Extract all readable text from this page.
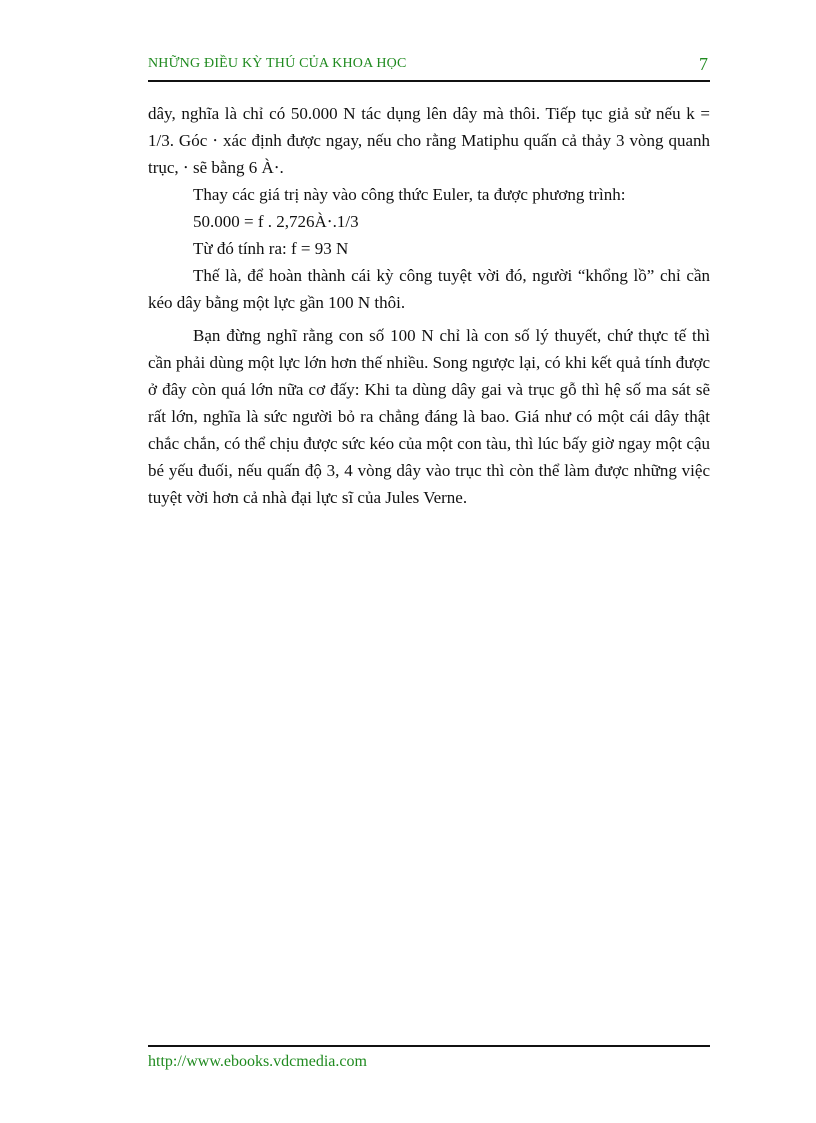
NHỮNG ĐIỀU KỲ THÚ CỦA KHOA HỌC	7

dây, nghĩa là chỉ có 50.000 N tác dụng lên dây mà thôi. Tiếp tục giả sử nếu k = 1/3. Góc ⋅ xác định được ngay, nếu cho rằng Matiphu quấn cả thảy 3 vòng quanh trục, ⋅ sẽ bằng 6 À⋅.

Thay các giá trị này vào công thức Euler, ta được phương trình:

50.000 = f . 2,726À⋅.1/3

Từ đó tính ra: f = 93 N

Thế là, để hoàn thành cái kỳ công tuyệt vời đó, người “khổng lồ” chỉ cần kéo dây bằng một lực gần 100 N thôi.

Bạn đừng nghĩ rằng con số 100 N chỉ là con số lý thuyết, chứ thực tế thì cần phải dùng một lực lớn hơn thế nhiều. Song ngược lại, có khi kết quả tính được ở đây còn quá lớn nữa cơ đấy: Khi ta dùng dây gai và trục gỗ thì hệ số ma sát sẽ rất lớn, nghĩa là sức người bỏ ra chẳng đáng là bao. Giá như có một cái dây thật chắc chắn, có thể chịu được sức kéo của một con tàu, thì lúc bấy giờ ngay một cậu bé yếu đuối, nếu quấn độ 3, 4 vòng dây vào trục thì còn thể làm được những việc tuyệt vời hơn cả nhà đại lực sĩ của Jules Verne.

http://www.ebooks.vdcmedia.com
